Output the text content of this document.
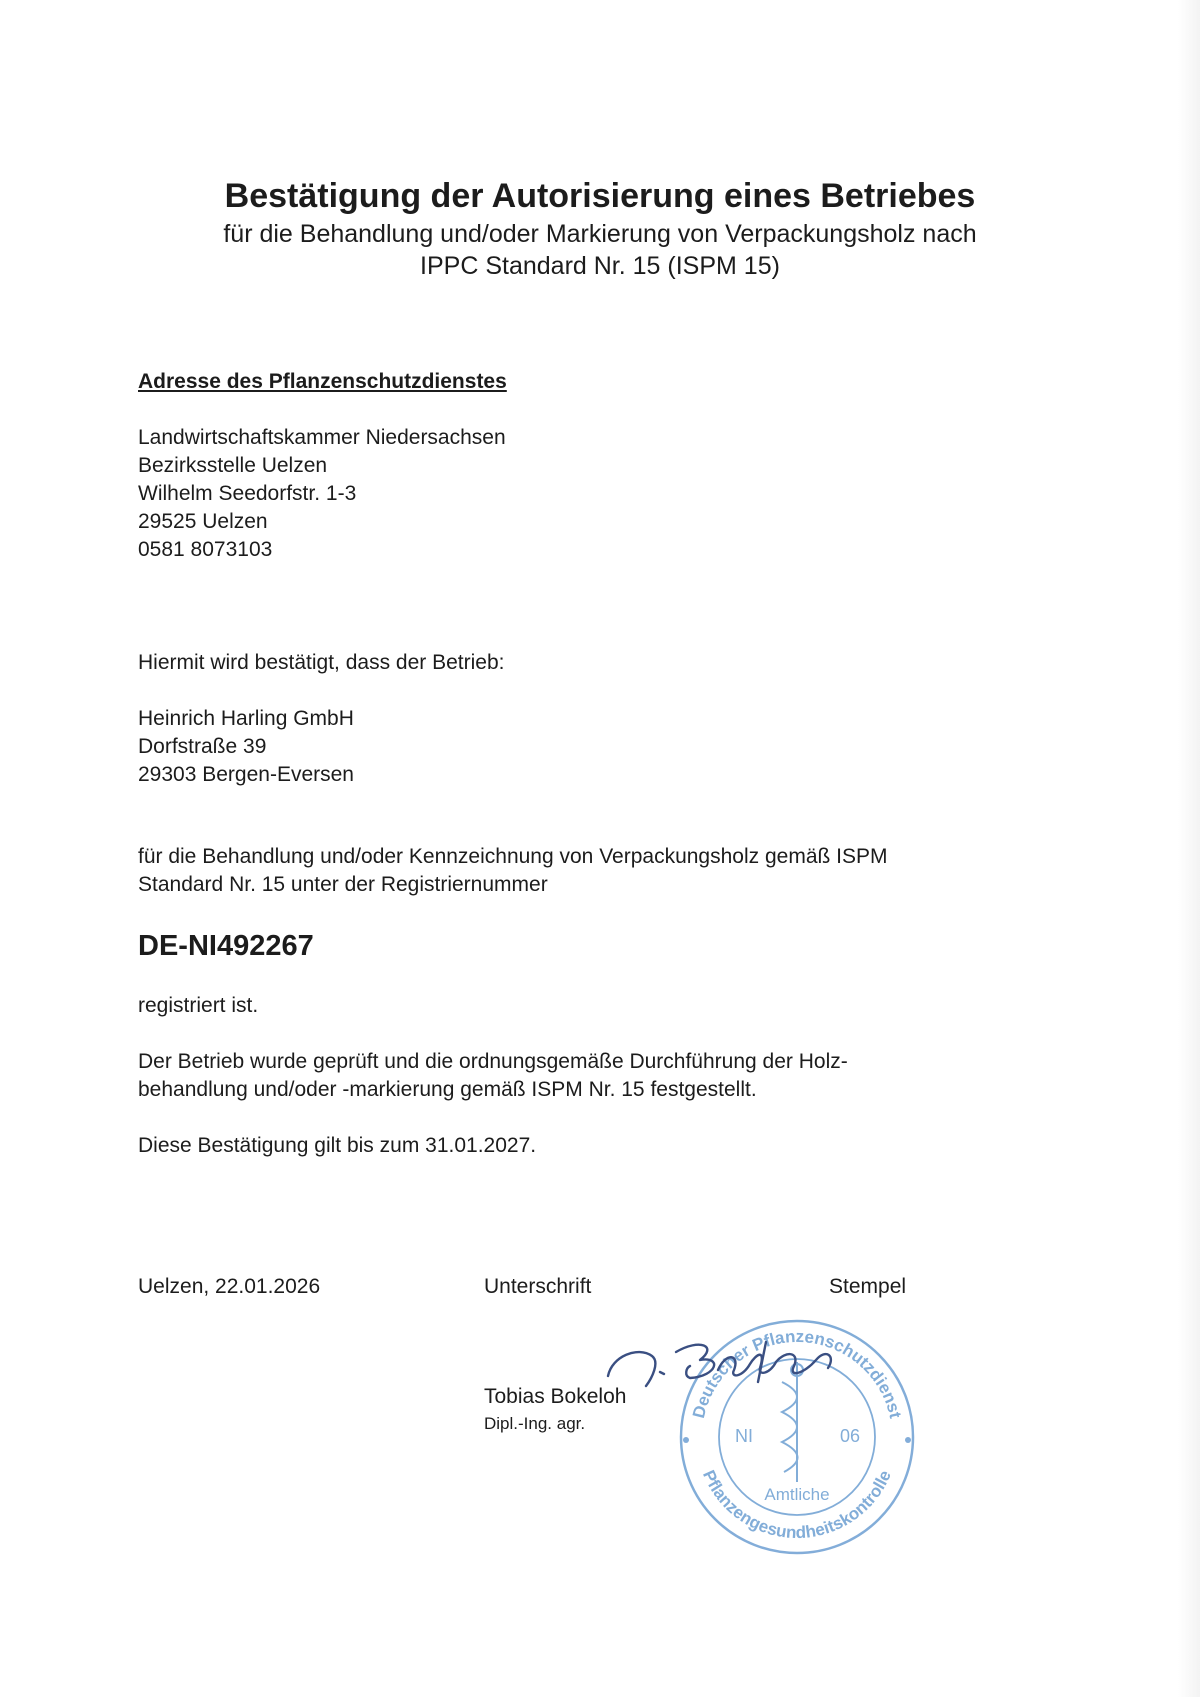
Bestätigung der Autorisierung eines Betriebes
für die Behandlung und/oder Markierung von Verpackungsholz nach
IPPC Standard Nr. 15 (ISPM 15)
Adresse des Pflanzenschutzdienstes
Landwirtschaftskammer Niedersachsen
Bezirksstelle Uelzen
Wilhelm Seedorfstr. 1-3
29525 Uelzen
0581 8073103
Hiermit wird bestätigt, dass der Betrieb:
Heinrich Harling GmbH
Dorfstraße 39
29303 Bergen-Eversen
für die Behandlung und/oder Kennzeichnung von Verpackungsholz gemäß ISPM
Standard Nr. 15 unter der Registriernummer
DE-NI492267
registriert ist.
Der Betrieb wurde geprüft und die ordnungsgemäße Durchführung der Holz-
behandlung und/oder -markierung gemäß ISPM Nr. 15 festgestellt.
Diese Bestätigung gilt bis zum 31.01.2027.
Uelzen, 22.01.2026	Unterschrift	Stempel
Deutscher Pflanzenschutzdienst
Pflanzengesundheitskontrolle
Amtliche
NI	06
Tobias Bokeloh
Dipl.-Ing. agr.
